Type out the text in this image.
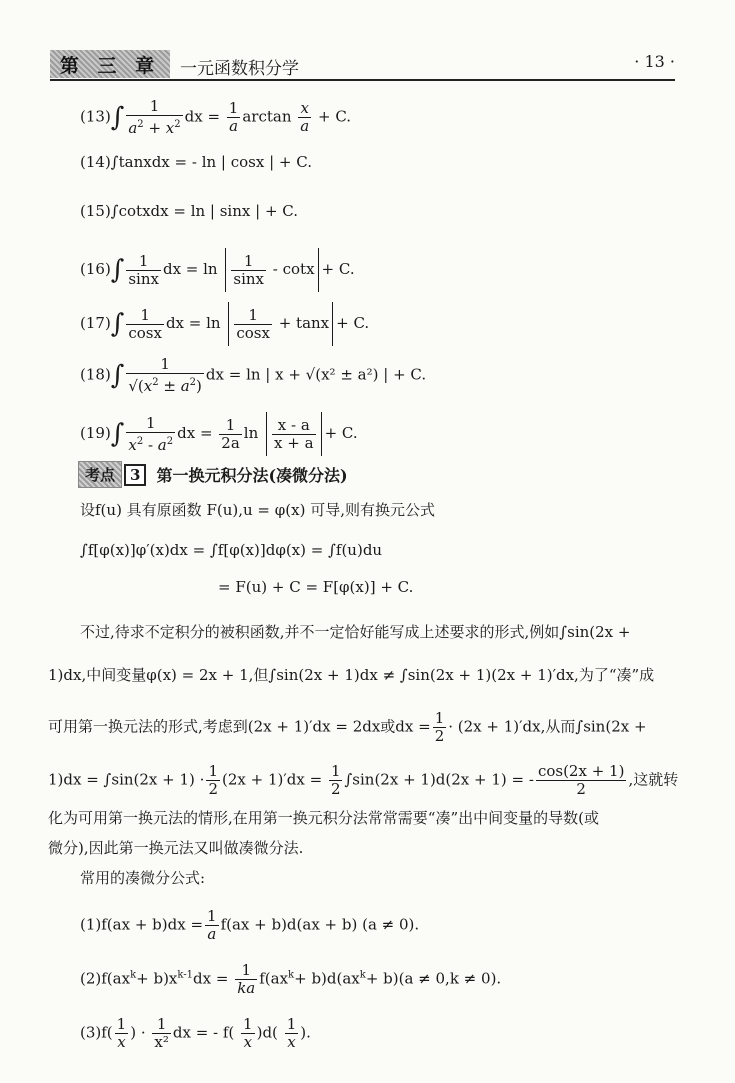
第 三 章 一元函数积分学	· 13 ·
$(13)\int \frac{1}{a^2 + x^2}$ dx = $\frac{1}{a}$ $\arctan \frac{x}{a} + C$.
(14)∫tanxdx = - ln | cosx | + C.
(15)∫cotxdx = ln | sinx | + C.
$(16)\int \frac{1}{\sin x}$ dx = $\ln \frac{1}{\sin x} - \cot x + C$.
$(17)\int \frac{1}{\cos x}$ dx = $\ln \frac{1}{\cos x} + \tan x + C$.
$(18)\int \frac{1}{√(x^2 \pm a^2)}$ dx = ln | x + √(x² ± a²) | + C.
$(19)\int \frac{1}{x^2 - a^2}$ dx = $\frac{1}{2a}$ $\ln \frac{x - a}{x + a} + C$.
考点	3	第一换元积分法(凑微分法)
设f(u) 具有原函数 F(u),u = φ(x) 可导,则有换元公式
∫f[φ(x)]φ′(x)dx = ∫f[φ(x)]dφ(x) = ∫f(u)du
= F(u) + C = F[φ(x)] + C.
不过,待求不定积分的被积函数,并不一定恰好能写成上述要求的形式,例如∫sin(2x +
1)dx,中间变量φ(x) = 2x + 1,但∫sin(2x + 1)dx ≠ ∫sin(2x + 1)(2x + 1)′dx,为了“凑”成
可用第一换元法的形式,考虑到(2x + 1)′dx = 2dx或dx = $\frac{1}{2} \cdot (2x + 1)'dx$,从而∫sin(2x +
$1)dx = \int\sin(2x + 1) \cdot \frac{1}{2} (2x + 1)'dx = \frac{1}{2} \int\sin(2x + 1)d(2x + 1)$ = - $\frac{\cos(2x + 1)}{2}$ ,这就转
化为可用第一换元法的情形,在用第一换元积分法常常需要“凑”出中间变量的导数(或
微分),因此第一换元法又叫做凑微分法.
常用的凑微分公式:
$(1)f(ax + b)dx = \frac{1}{a} f(ax + b)d(ax + b) (a \ne 0)$.
$(2)f(ax^k+ b)x^{k-1}dx = \frac{1}{ka} f(ax^k+ b)d(ax^k+ b)(a \ne 0,k \ne 0)$.
$(3)f( \frac{1}{x}$ ) · $\frac{1}{\text{x²}}$ dx = - $f( \frac{1}{x} )d( \frac{1}{x}$ ).
